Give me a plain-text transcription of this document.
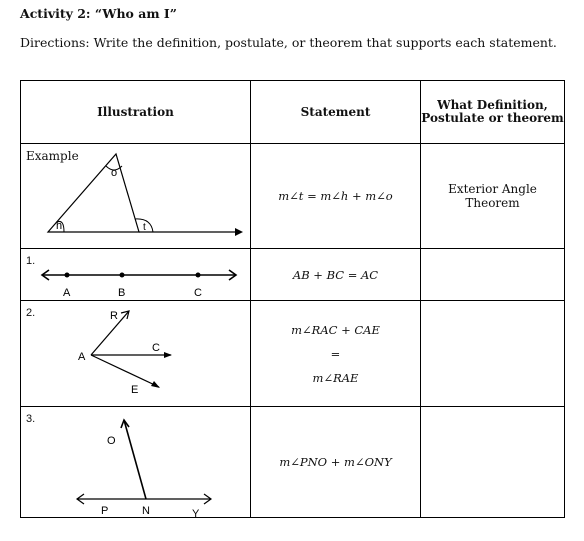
Activity 2: “Who am I”
Directions: Write the definition, postulate, or theorem that supports each statement.
Illustration	Statement	What Definition, Postulate or theorem

Example
o
h t	m∠t = m∠h + m∠o	Exterior Angle Theorem

1.
A B C	AB + BC = AC	

2. R
A
C
E	m∠RAC + CAE
=
m∠RAE	

3.
O
P N Y	m∠PNO + m∠ONY	
